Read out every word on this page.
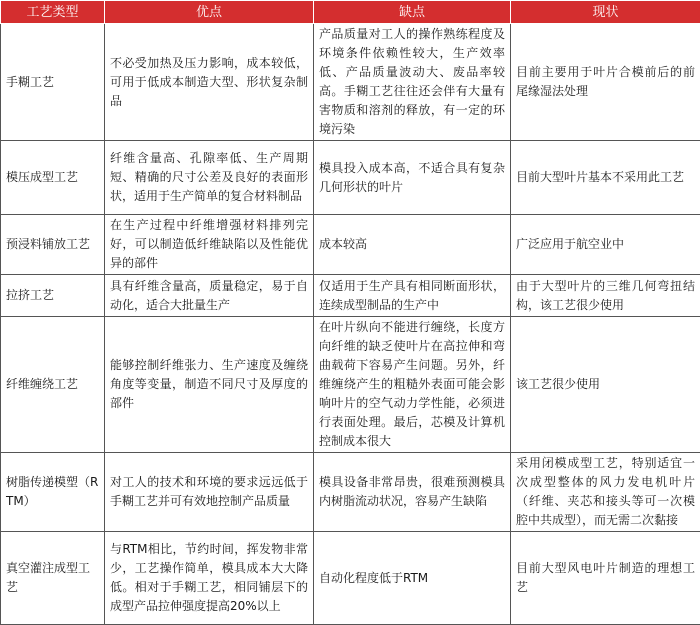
工艺类型	优点	缺点	现状
手糊工艺	不必受加热及压力影响，成本较低，可用于低成本制造大型、形状复杂制品	产品质量对工人的操作熟练程度及环境条件依赖性较大，生产效率低、产品质量波动大、废品率较高。手糊工艺往往还会伴有大量有害物质和溶剂的释放，有一定的环境污染	目前主要用于叶片合模前后的前尾缘湿法处理
模压成型工艺	纤维含量高、孔隙率低、生产周期短、精确的尺寸公差及良好的表面形状，适用于生产简单的复合材料制品	模具投入成本高，不适合具有复杂几何形状的叶片	目前大型叶片基本不采用此工艺
预浸料铺放工艺	在生产过程中纤维增强材料排列完好，可以制造低纤维缺陷以及性能优异的部件	成本较高	广泛应用于航空业中
拉挤工艺	具有纤维含量高，质量稳定，易于自动化，适合大批量生产	仅适用于生产具有相同断面形状，连续成型制品的生产中	由于大型叶片的三维几何弯扭结构，该工艺很少使用
纤维缠绕工艺	能够控制纤维张力、生产速度及缠绕角度等变量，制造不同尺寸及厚度的部件	在叶片纵向不能进行缠绕，长度方向纤维的缺乏使叶片在高拉伸和弯曲载荷下容易产生问题。另外，纤维缠绕产生的粗糙外表面可能会影响叶片的空气动力学性能，必须进行表面处理。最后，芯模及计算机控制成本很大	该工艺很少使用
树脂传递模塑（RTM）	对工人的技术和环境的要求远远低于手糊工艺并可有效地控制产品质量	模具设备非常昂贵，很难预测模具内树脂流动状况，容易产生缺陷	采用闭模成型工艺，特别适宜一次成型整体的风力发电机叶片（纤维、夹芯和接头等可一次模腔中共成型），而无需二次黏接
真空灌注成型工艺	与RTM相比，节约时间，挥发物非常少，工艺操作简单，模具成本大大降低。相对于手糊工艺，相同铺层下的成型产品拉伸强度提高20%以上	自动化程度低于RTM	目前大型风电叶片制造的理想工艺
